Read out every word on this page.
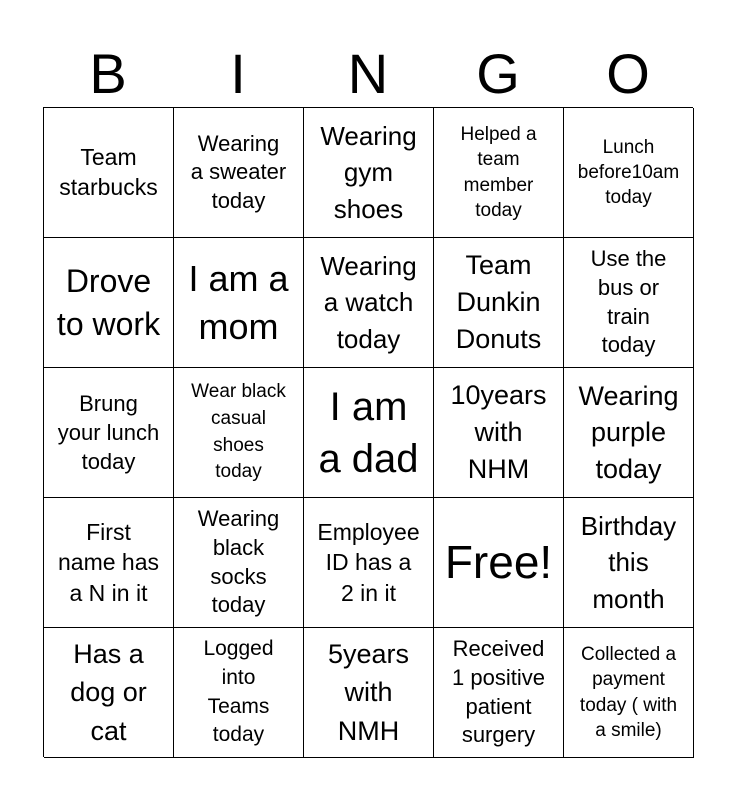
B	I	N	G	O
Team
starbucks
Wearing
a sweater
today
Wearing
gym
shoes
Helped a
team
member
today
Lunch
before10am
today
Drove
to work
I am a
mom
Wearing
a watch
today
Team
Dunkin
Donuts
Use the
bus or
train
today
Brung
your lunch
today
Wear black
casual
shoes
today
I am
a dad
10years
with
NHM
Wearing
purple
today
First
name has
a N in it
Wearing
black
socks
today
Employee
ID has a
2 in it
Free!
Birthday
this
month
Has a
dog or
cat
Logged
into
Teams
today
5years
with
NMH
Received
1 positive
patient
surgery
Collected a
payment
today ( with
a smile)
